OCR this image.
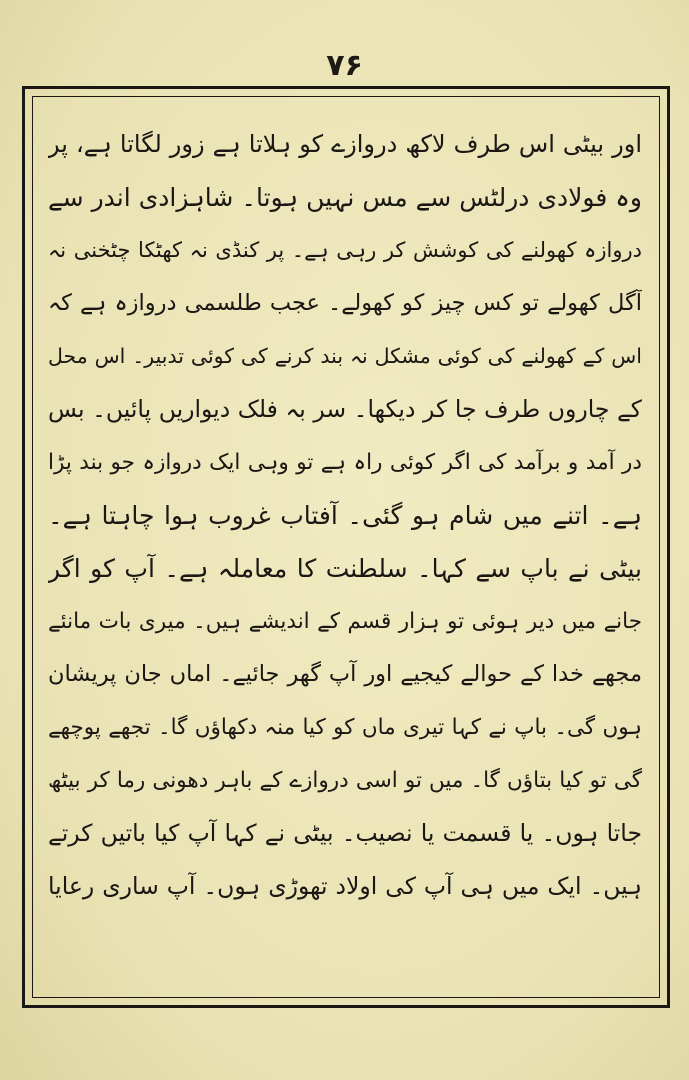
۷۶
اور بیٹی اس طرف لاکھ دروازے کو ہلاتا ہے زور لگاتا ہے، پر
وہ فولادی درلٹس سے مس نہیں ہوتا۔ شاہزادی اندر سے
دروازہ کھولنے کی کوشش کر رہی ہے۔ پر کنڈی نہ کھٹکا چٹخنی نہ
آگل کھولے تو کس چیز کو کھولے۔ عجب طلسمی دروازہ ہے کہ
اس کے کھولنے کی کوئی مشکل نہ بند کرنے کی کوئی تدبیر۔ اس محل
کے چاروں طرف جا کر دیکھا۔ سر بہ فلک دیواریں پائیں۔ بس
در آمد و برآمد کی اگر کوئی راہ ہے تو وہی ایک دروازہ جو بند پڑا
ہے۔ اتنے میں شام ہو گئی۔ آفتاب غروب ہوا چاہتا ہے۔
بیٹی نے باپ سے کہا۔ سلطنت کا معاملہ ہے۔ آپ کو اگر
جانے میں دیر ہوئی تو ہزار قسم کے اندیشے ہیں۔ میری بات مانئے
مجھے خدا کے حوالے کیجیے اور آپ گھر جائیے۔ اماں جان پریشان
ہوں گی۔ باپ نے کہا تیری ماں کو کیا منہ دکھاؤں گا۔ تجھے پوچھے
گی تو کیا بتاؤں گا۔ میں تو اسی دروازے کے باہر دھونی رما کر بیٹھ
جاتا ہوں۔ یا قسمت یا نصیب۔ بیٹی نے کہا آپ کیا باتیں کرتے
ہیں۔ ایک میں ہی آپ کی اولاد تھوڑی ہوں۔ آپ ساری رعایا
